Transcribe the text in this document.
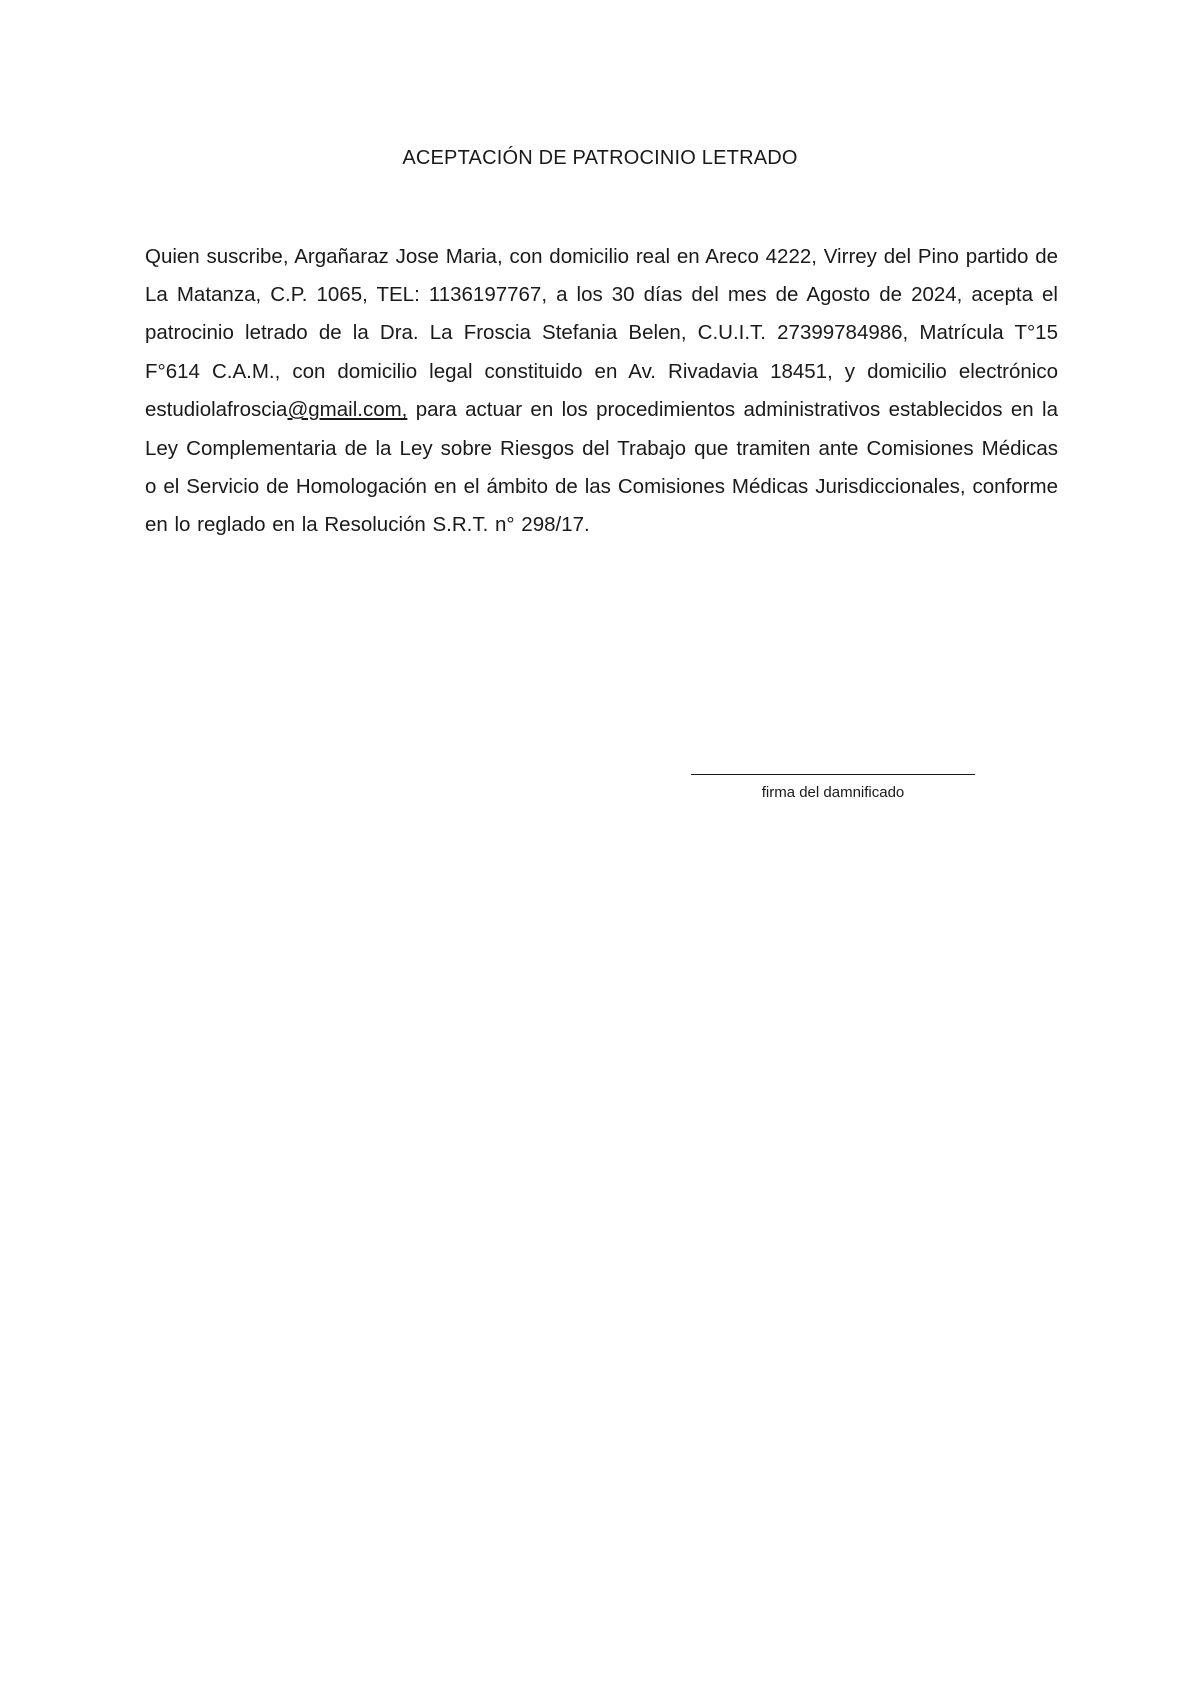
ACEPTACIÓN DE PATROCINIO LETRADO

Quien suscribe, Argañaraz Jose Maria, con domicilio real en Areco 4222, Virrey del Pino partido de La Matanza, C.P. 1065, TEL: 1136197767, a los 30 días del mes de Agosto de 2024, acepta el patrocinio letrado de la Dra. La Froscia Stefania Belen, C.U.I.T. 27399784986, Matrícula T°15 F°614 C.A.M., con domicilio legal constituido en Av. Rivadavia 18451, y domicilio electrónico estudiolafroscia@gmail.com, para actuar en los procedimientos administrativos establecidos en la Ley Complementaria de la Ley sobre Riesgos del Trabajo que tramiten ante Comisiones Médicas o el Servicio de Homologación en el ámbito de las Comisiones Médicas Jurisdiccionales, conforme en lo reglado en la Resolución S.R.T. n° 298/17.

firma del damnificado
